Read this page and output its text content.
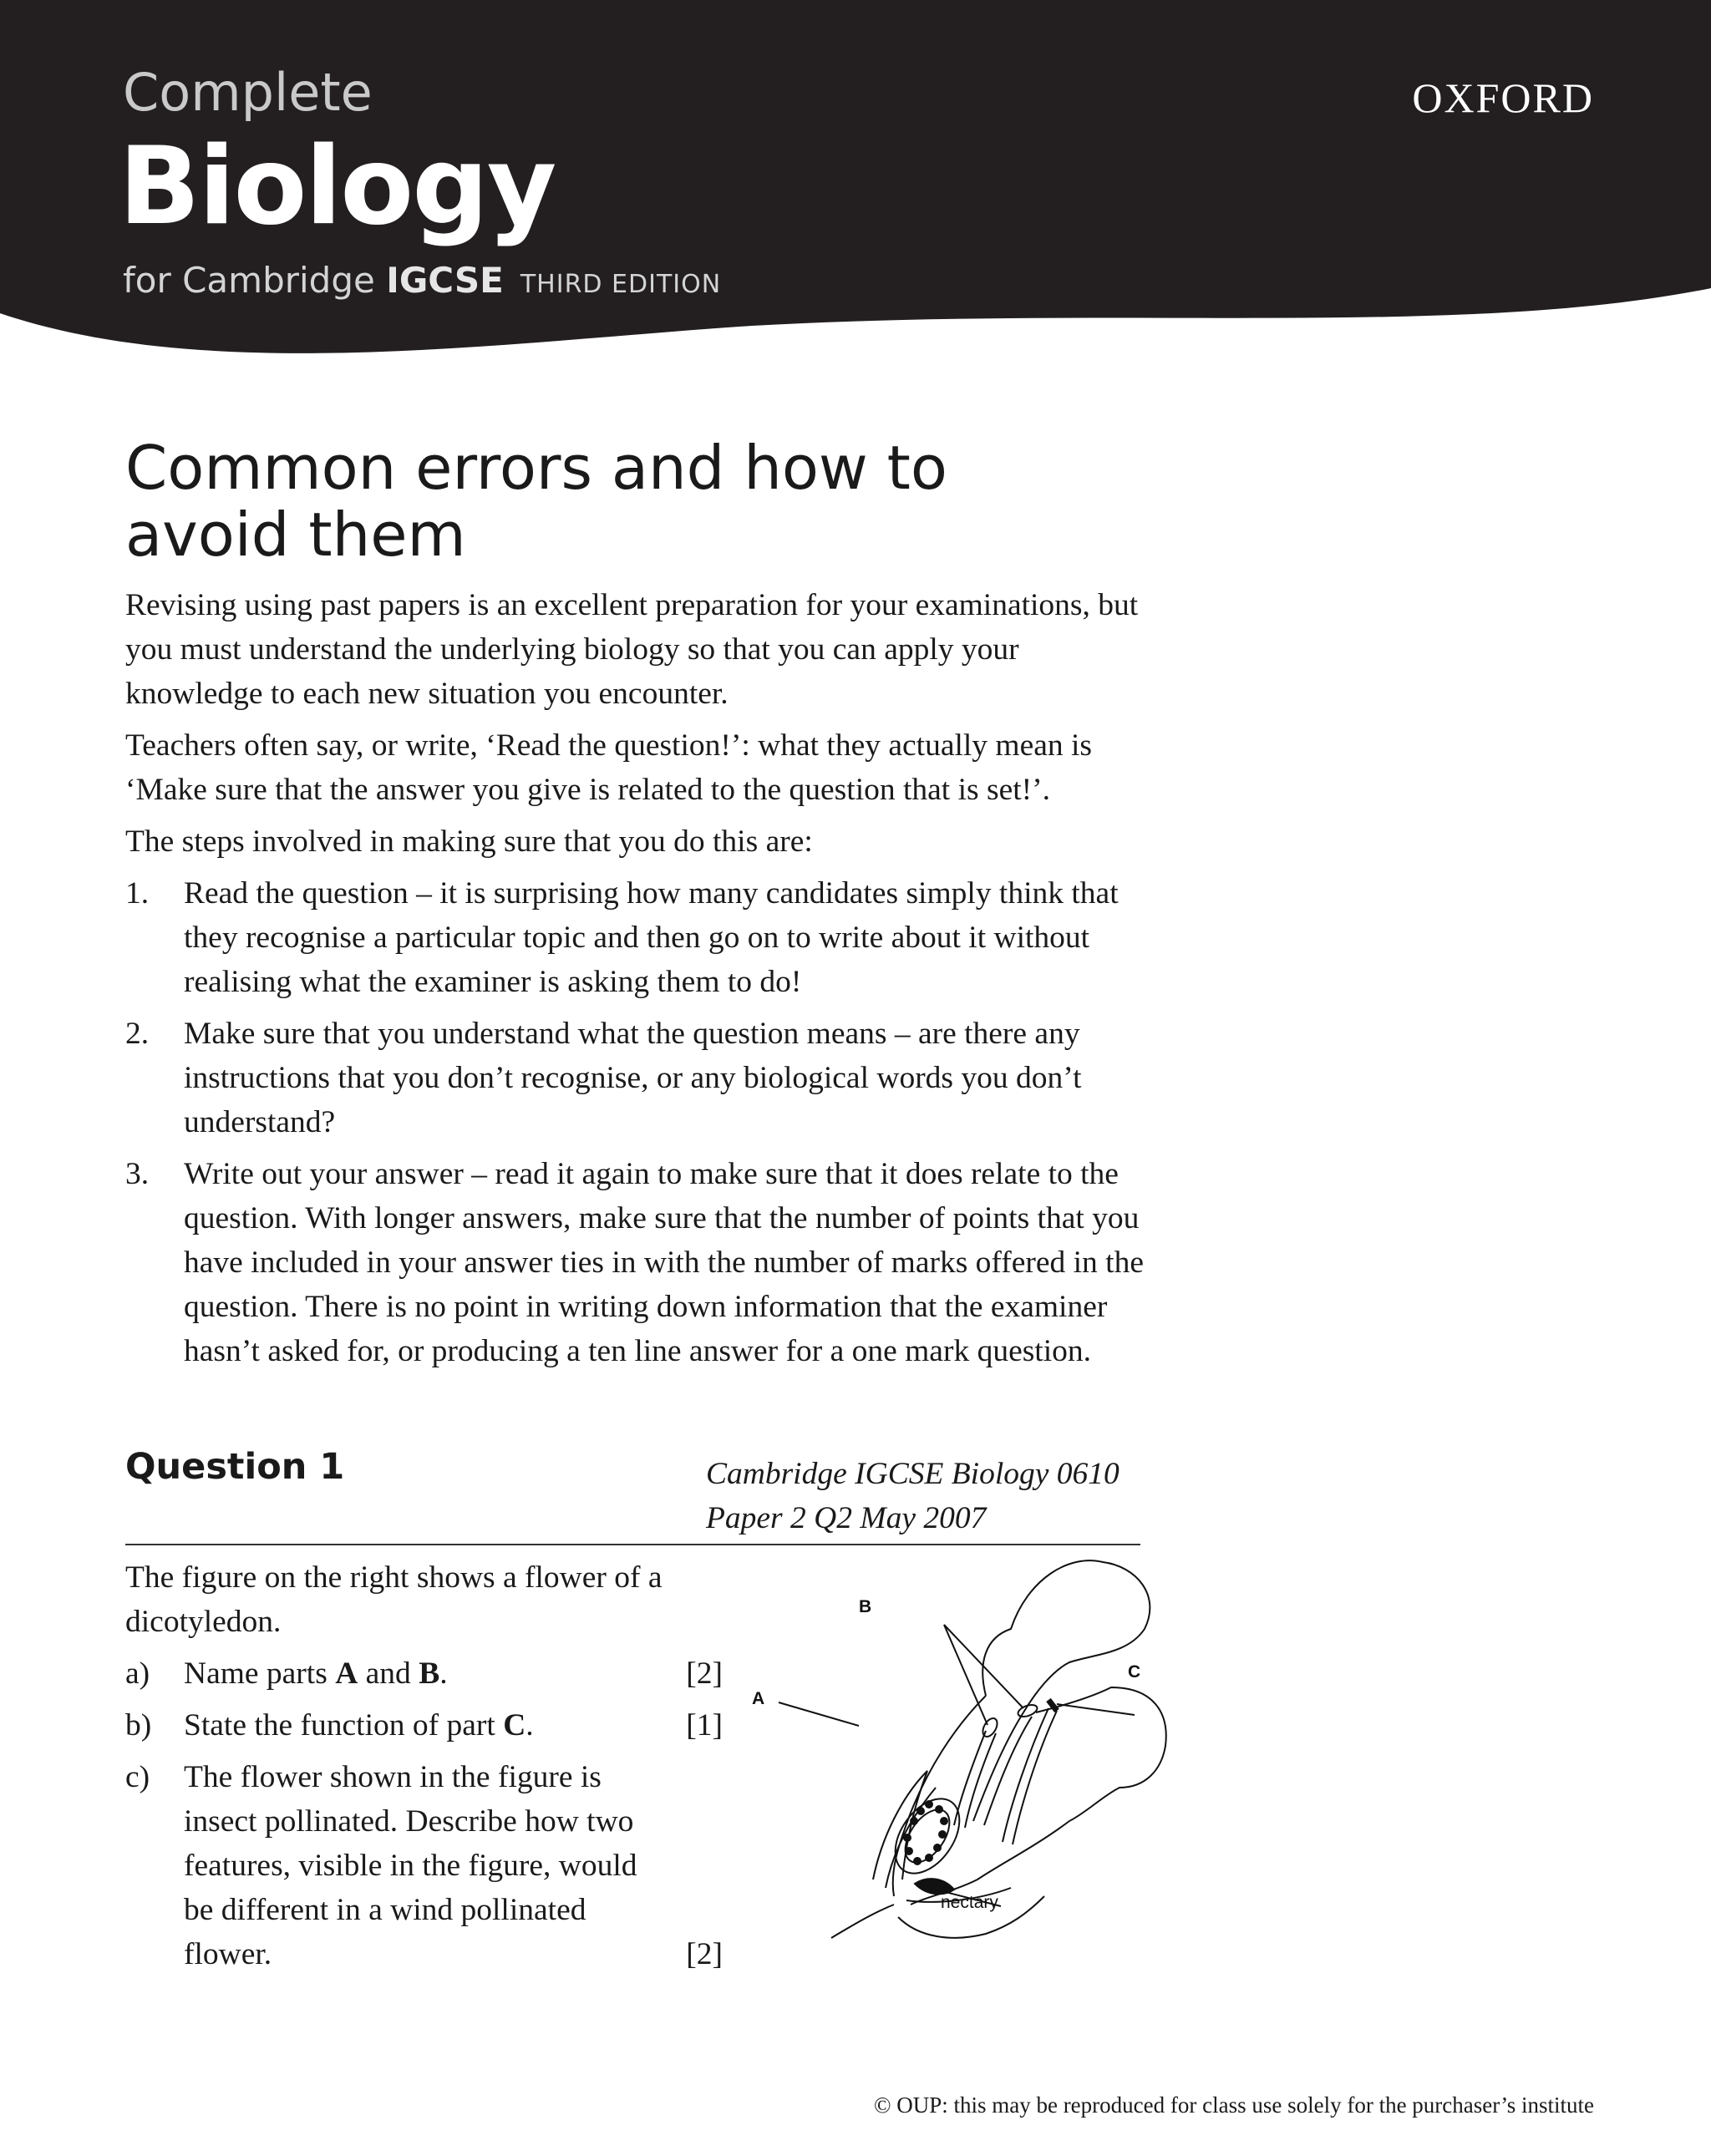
Complete
Biology
for Cambridge IGCSE THIRD EDITION
OXFORD
Common errors and how to
avoid them

Revising using past papers is an excellent preparation for your examinations, but you must understand the underlying biology so that you can apply your knowledge to each new situation you encounter.

Teachers often say, or write, ‘Read the question!’: what they actually mean is ‘Make sure that the answer you give is related to the question that is set!’.

The steps involved in making sure that you do this are:

1. Read the question – it is surprising how many candidates simply think that they recognise a particular topic and then go on to write about it without realising what the examiner is asking them to do!
2. Make sure that you understand what the question means – are there any instructions that you don’t recognise, or any biological words you don’t understand?
3. Write out your answer – read it again to make sure that it does relate to the question. With longer answers, make sure that the number of points that you have included in your answer ties in with the number of marks offered in the question. There is no point in writing down information that the examiner hasn’t asked for, or producing a ten line answer for a one mark question.
Question 1	Cambridge IGCSE Biology 0610
Paper 2 Q2 May 2007

The figure on the right shows a flower of a dicotyledon.

a) Name parts A and B.	[2]
b) State the function of part C.	[1]
c) The flower shown in the figure is insect pollinated. Describe how two features, visible in the figure, would be different in a wind pollinated flower.	[2]
B
C
A
nectary
© OUP: this may be reproduced for class use solely for the purchaser’s institute
